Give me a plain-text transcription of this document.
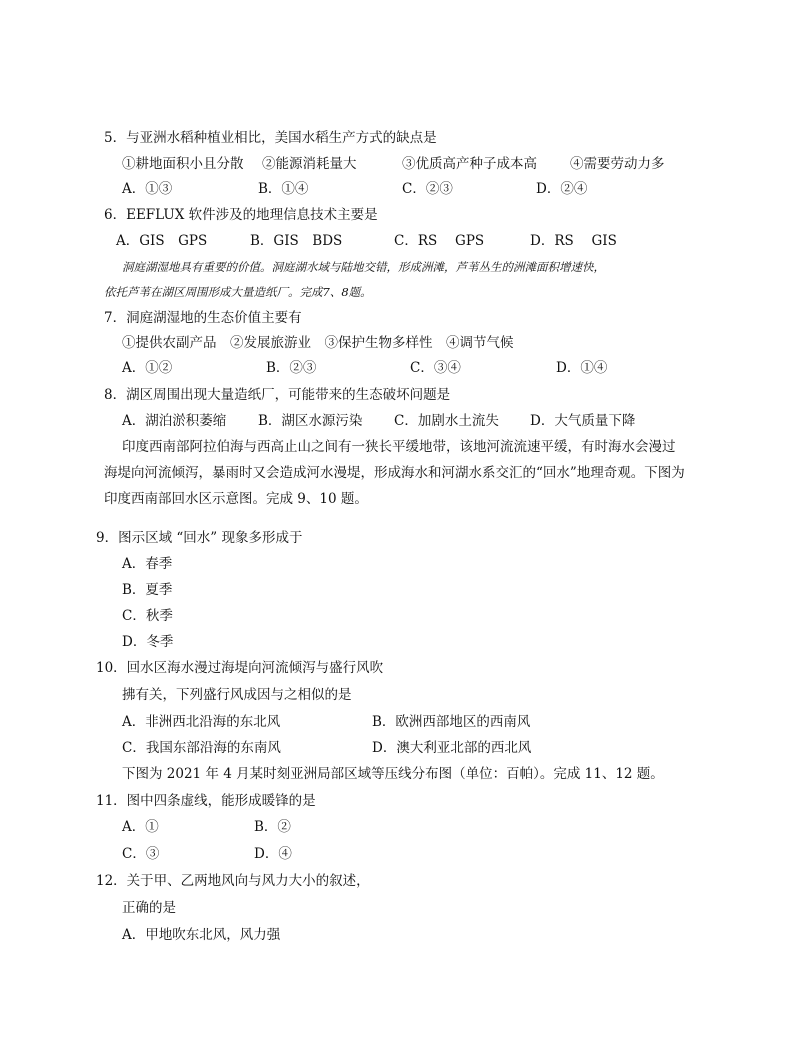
5．与亚洲水稻种植业相比，美国水稻生产方式的缺点是
①耕地面积小且分散 ②能源消耗量大	③优质高产种子成本高 ④需要劳动力多
A．①③	B．①④	C．②③	D．②④
6．EEFLUX 软件涉及的地理信息技术主要是
A．GIS　GPS	B．GIS　BDS	C．RS　 GPS	D．RS　 GIS
洞庭湖湿地具有重要的价值。洞庭湖水域与陆地交错，形成洲滩，芦苇丛生的洲滩面积增速快，
依托芦苇在湖区周围形成大量造纸厂。完成7、8题。
7．洞庭湖湿地的生态价值主要有
①提供农副产品　②发展旅游业　③保护生物多样性　④调节气候
A．①②	B．②③	C．③④	D．①④
8．湖区周围出现大量造纸厂，可能带来的生态破坏问题是
A．湖泊淤积萎缩 B．湖区水源污染 C．加剧水土流失 D．大气质量下降
印度西南部阿拉伯海与西高止山之间有一狭长平缓地带，该地河流流速平缓，有时海水会漫过
海堤向河流倾泻，暴雨时又会造成河水漫堤，形成海水和河湖水系交汇的“回水”地理奇观。下图为
印度西南部回水区示意图。完成 9、10 题。
9．图示区域 “回水” 现象多形成于
A．春季
B．夏季
C．秋季
D．冬季
10．回水区海水漫过海堤向河流倾泻与盛行风吹
拂有关，下列盛行风成因与之相似的是
A．非洲西北沿海的东北风	B．欧洲西部地区的西南风
C．我国东部沿海的东南风	D．澳大利亚北部的西北风
下图为 2021 年 4 月某时刻亚洲局部区域等压线分布图（单位：百帕）。完成 11、12 题。
11．图中四条虚线，能形成暖锋的是
A．①	B．②
C．③	D．④
12．关于甲、乙两地风向与风力大小的叙述，
正确的是
A．甲地吹东北风，风力强
